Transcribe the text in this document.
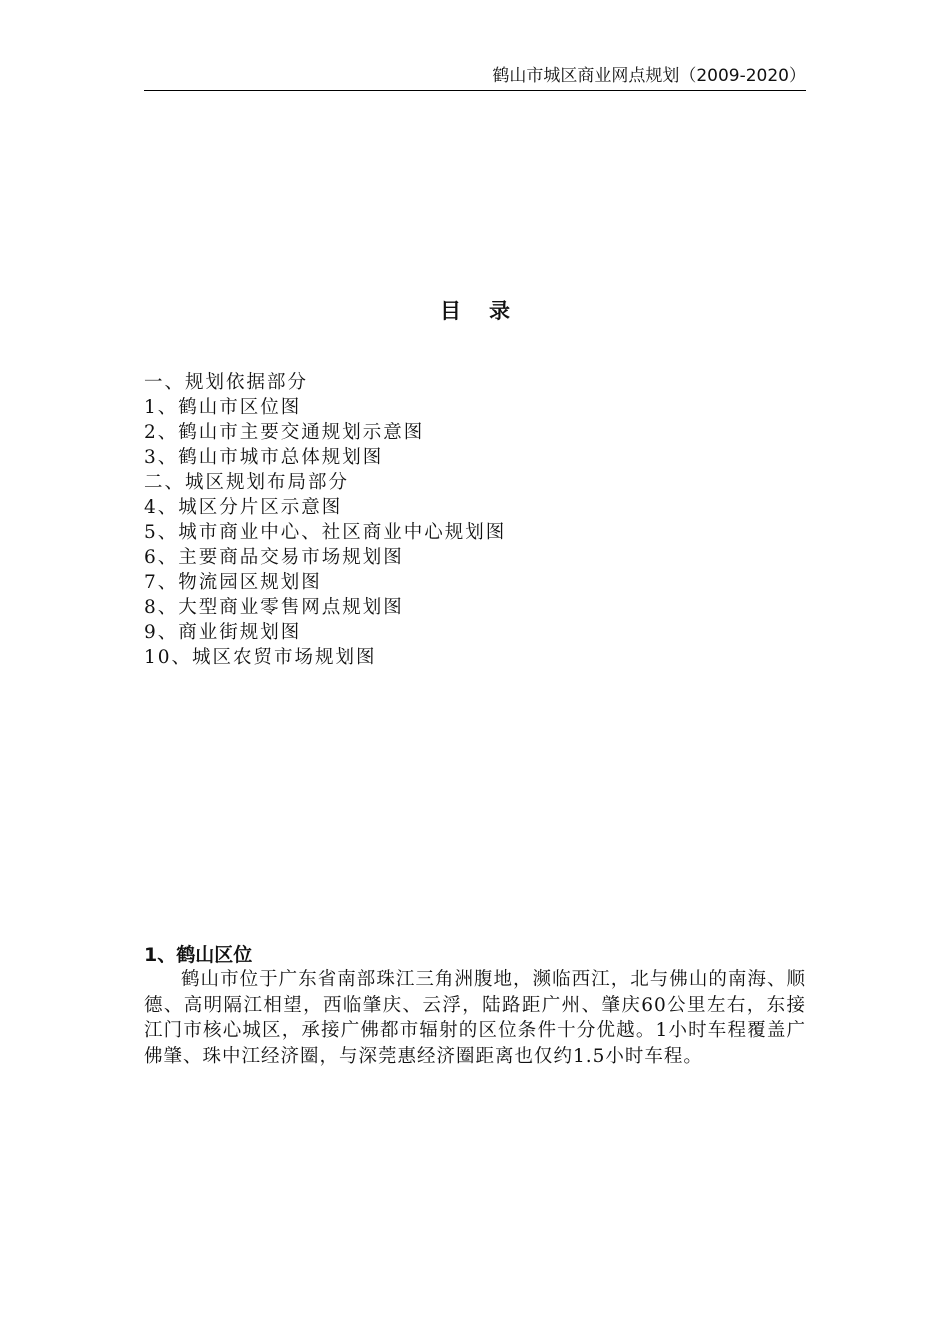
鹤山市城区商业网点规划（2009-2020）
目录
一、规划依据部分
1、鹤山市区位图
2、鹤山市主要交通规划示意图
3、鹤山市城市总体规划图
二、城区规划布局部分
4、城区分片区示意图
5、城市商业中心、社区商业中心规划图
6、主要商品交易市场规划图
7、物流园区规划图
8、大型商业零售网点规划图
9、商业街规划图
10、城区农贸市场规划图
1、鹤山区位

鹤山市位于广东省南部珠江三角洲腹地，濒临西江，北与佛山的南海、顺德、高明隔江相望，西临肇庆、云浮，陆路距广州、肇庆60公里左右，东接江门市核心城区，承接广佛都市辐射的区位条件十分优越。1小时车程覆盖广佛肇、珠中江经济圈，与深莞惠经济圈距离也仅约1.5小时车程。
